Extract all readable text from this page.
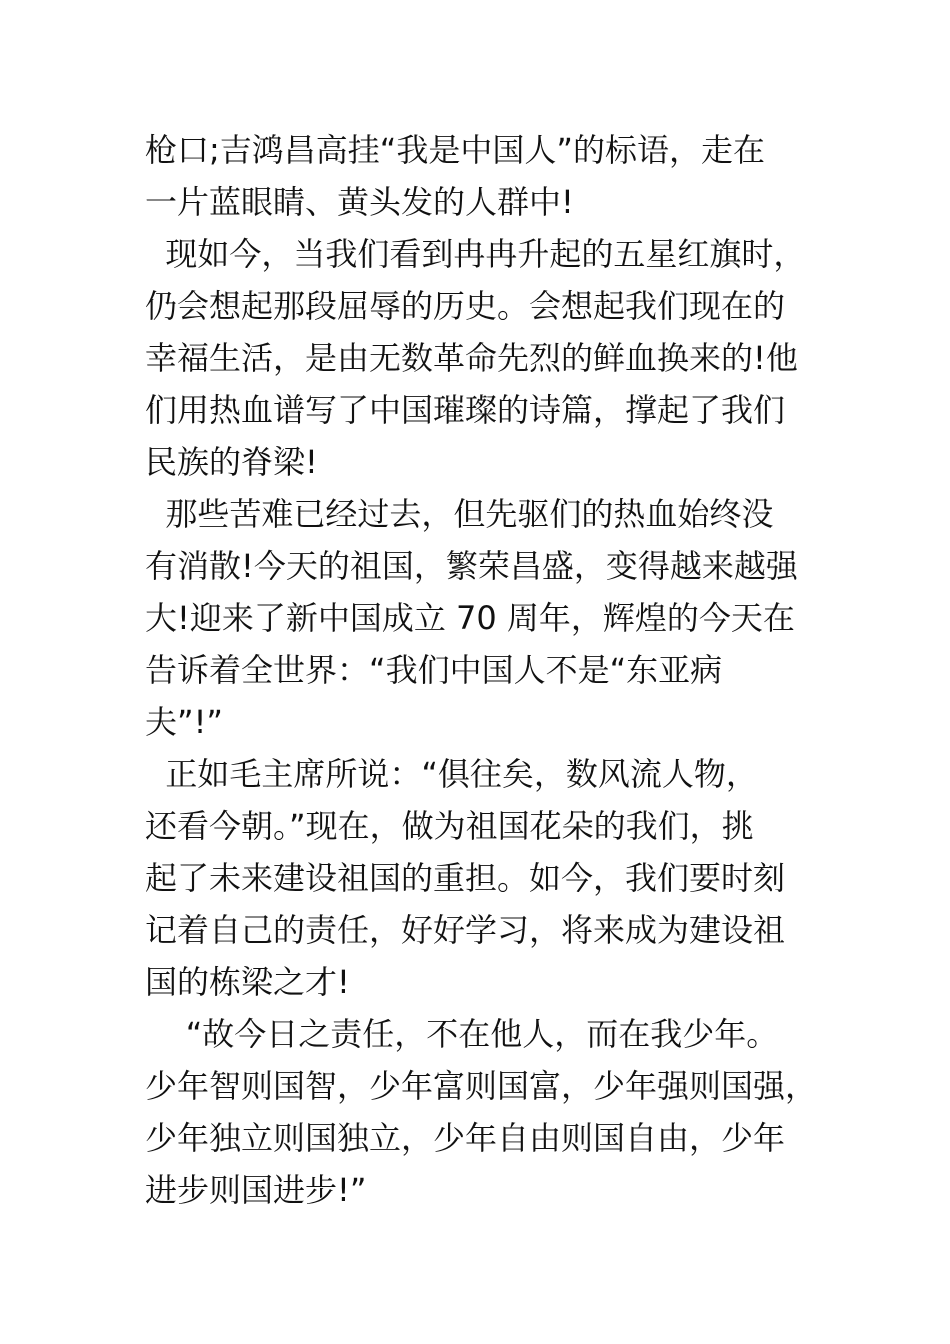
枪口;吉鸿昌高挂“我是中国人”的标语，走在
一片蓝眼睛、黄头发的人群中!
现如今，当我们看到冉冉升起的五星红旗时，
仍会想起那段屈辱的历史。会想起我们现在的
幸福生活，是由无数革命先烈的鲜血换来的!他
们用热血谱写了中国璀璨的诗篇，撑起了我们
民族的脊梁!
那些苦难已经过去，但先驱们的热血始终没
有消散!今天的祖国，繁荣昌盛，变得越来越强
大!迎来了新中国成立 70 周年，辉煌的今天在
告诉着全世界：“我们中国人不是“东亚病
夫”!”
正如毛主席所说：“俱往矣，数风流人物，
还看今朝。”现在，做为祖国花朵的我们，挑
起了未来建设祖国的重担。如今，我们要时刻
记着自己的责任，好好学习，将来成为建设祖
国的栋梁之才!
“故今日之责任，不在他人，而在我少年。
少年智则国智，少年富则国富，少年强则国强，
少年独立则国独立，少年自由则国自由，少年
进步则国进步!”
